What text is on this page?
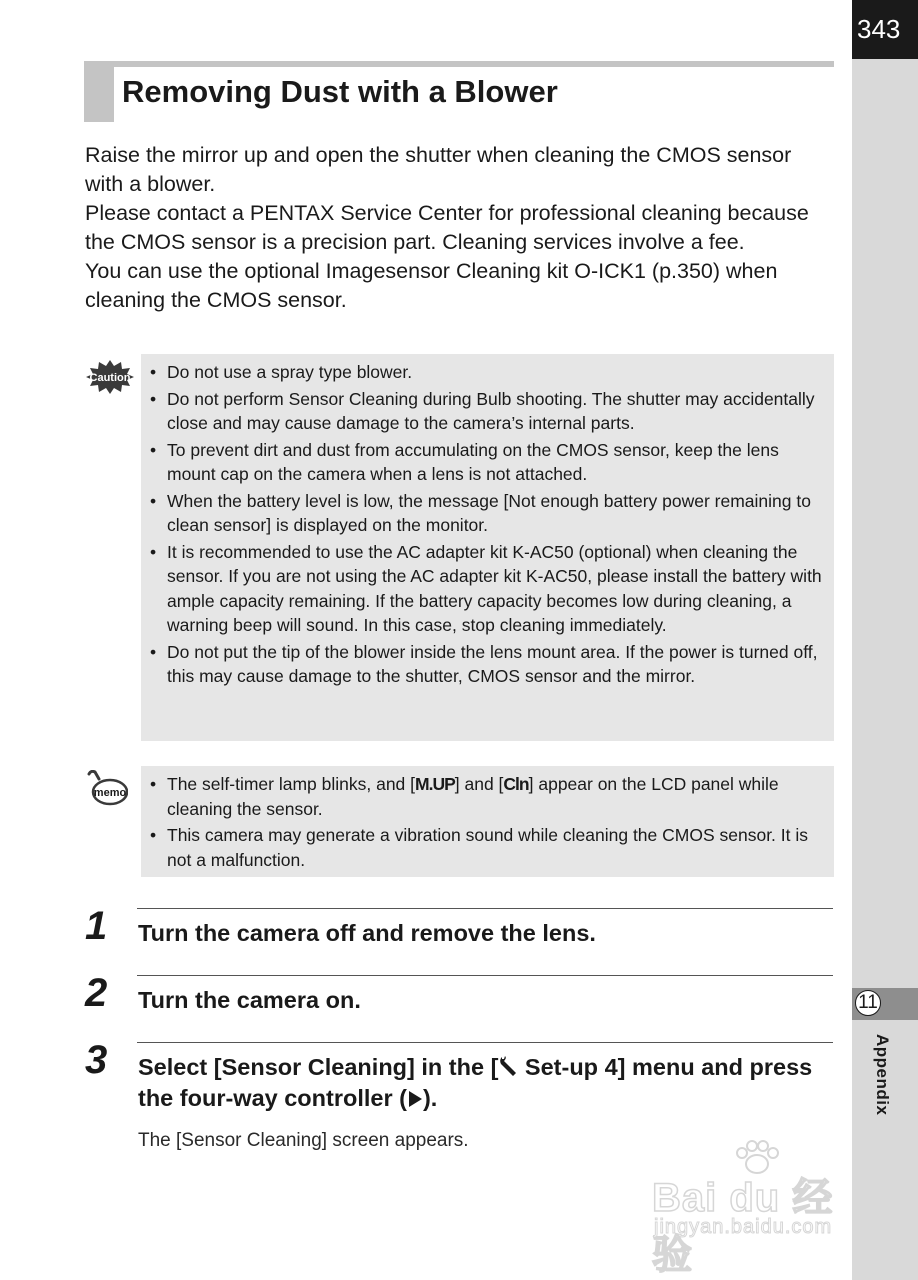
343
11
Appendix
Removing Dust with a Blower

Raise the mirror up and open the shutter when cleaning the CMOS sensor with a blower.

Please contact a PENTAX Service Center for professional cleaning because the CMOS sensor is a precision part. Cleaning services involve a fee.

You can use the optional Imagesensor Cleaning kit O-ICK1 (p.350) when cleaning the CMOS sensor.

Caution	• Do not use a spray type blower.
• Do not perform Sensor Cleaning during Bulb shooting. The shutter may accidentally close and may cause damage to the camera’s internal parts.
• To prevent dirt and dust from accumulating on the CMOS sensor, keep the lens mount cap on the camera when a lens is not attached.
• When the battery level is low, the message [Not enough battery power remaining to clean sensor] is displayed on the monitor.
• It is recommended to use the AC adapter kit K-AC50 (optional) when cleaning the sensor. If you are not using the AC adapter kit K-AC50, please install the battery with ample capacity remaining. If the battery capacity becomes low during cleaning, a warning beep will sound. In this case, stop cleaning immediately.
• Do not put the tip of the blower inside the lens mount area. If the power is turned off, this may cause damage to the shutter, CMOS sensor and the mirror.
memo	• The self-timer lamp blinks, and [M.UP] and [Cln] appear on the LCD panel while cleaning the sensor.
• This camera may generate a vibration sound while cleaning the CMOS sensor. It is not a malfunction.
1 Turn the camera off and remove the lens.
2 Turn the camera on.
3 Select [Sensor Cleaning] in the [ Set-up 4] menu and press the four-way controller ( ).
The [Sensor Cleaning] screen appears.
Bai du 经验
jingyan.baidu.com
